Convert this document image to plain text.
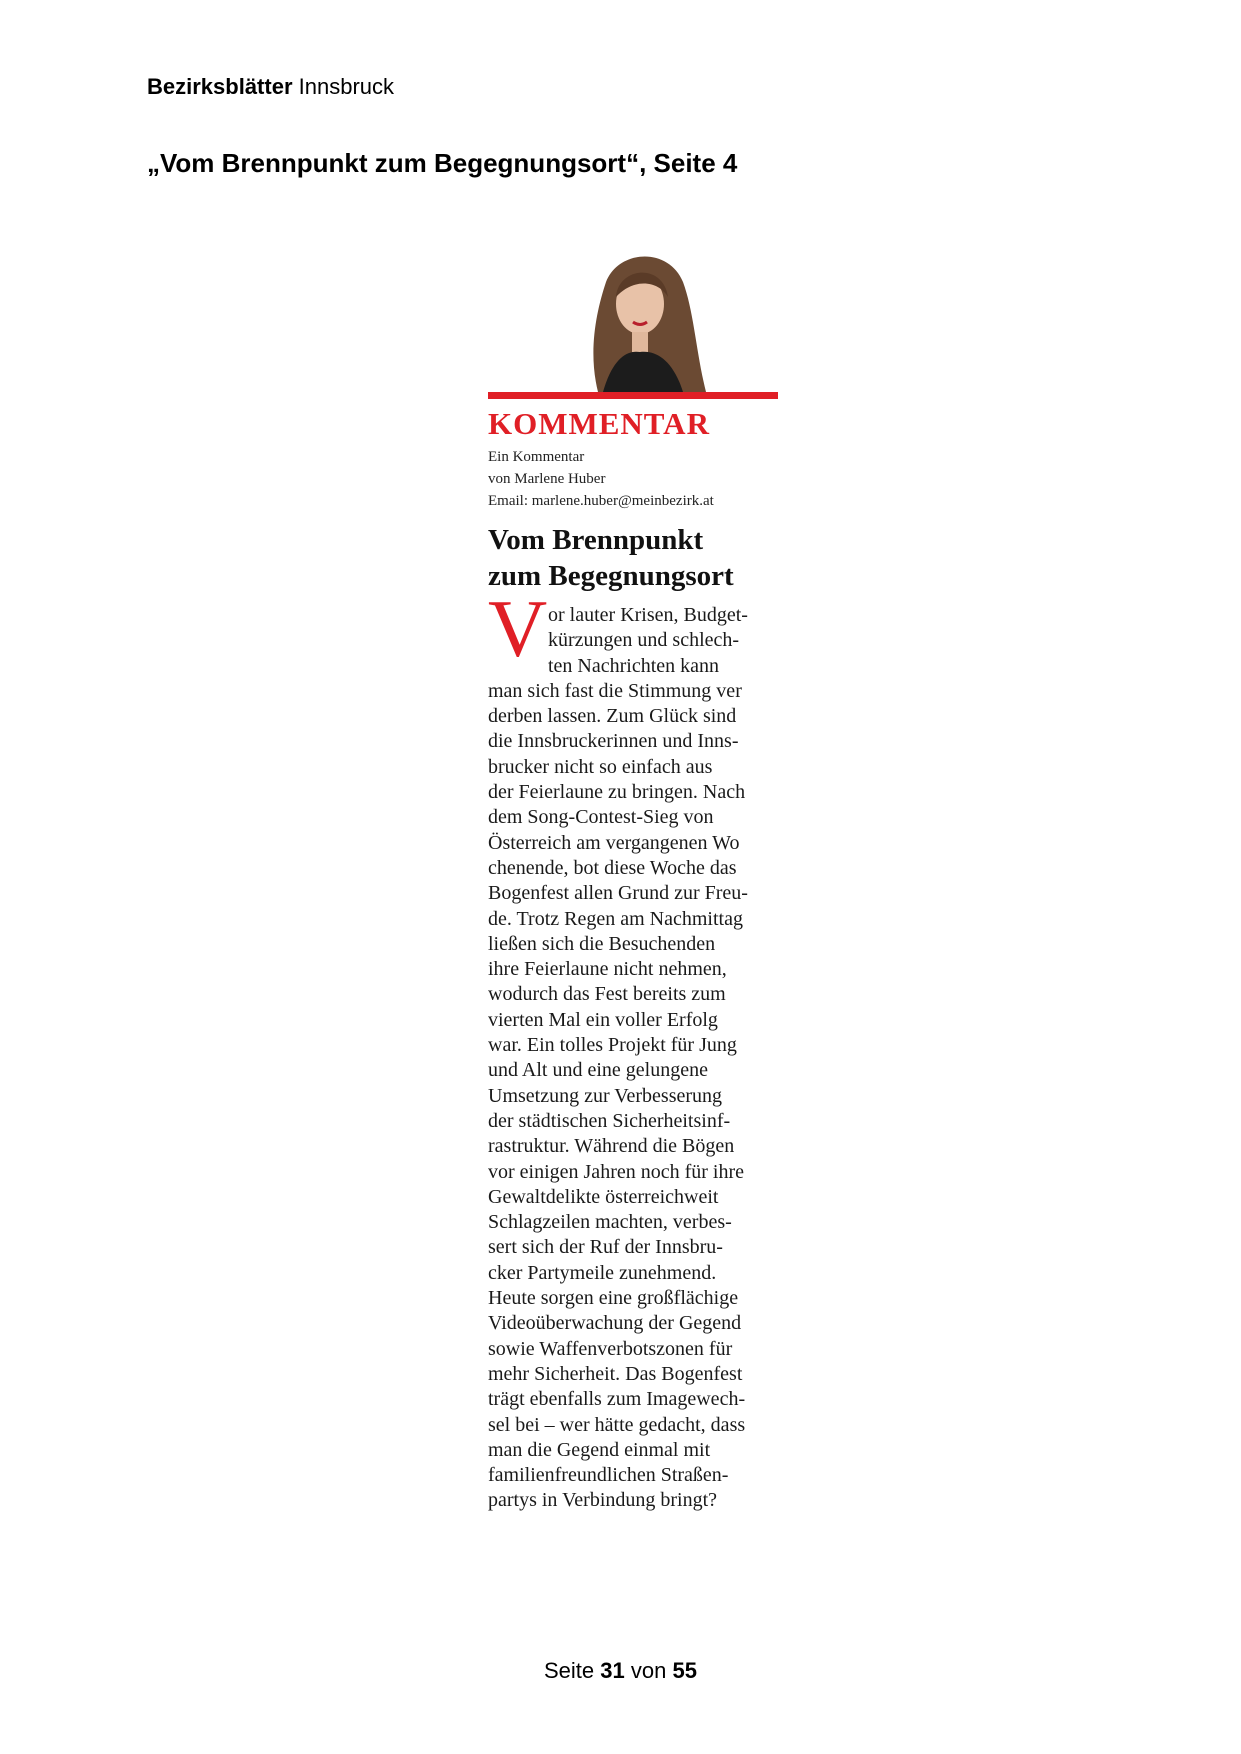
Bezirksblätter Innsbruck
„Vom Brennpunkt zum Begegnungsort“, Seite 4
KOMMENTAR
Ein Kommentar
von Marlene Huber
Email: marlene.huber@meinbezirk.at
Vom Brennpunkt
zum Begegnungsort
V or lauter Krisen, Budget-
kürzungen und schlech-
ten Nachrichten kann
man sich fast die Stimmung ver
derben lassen. Zum Glück sind
die Innsbruckerinnen und Inns-
brucker nicht so einfach aus
der Feierlaune zu bringen. Nach
dem Song-Contest-Sieg von
Österreich am vergangenen Wo
chenende, bot diese Woche das
Bogenfest allen Grund zur Freu-
de. Trotz Regen am Nachmittag
ließen sich die Besuchenden
ihre Feierlaune nicht nehmen,
wodurch das Fest bereits zum
vierten Mal ein voller Erfolg
war. Ein tolles Projekt für Jung
und Alt und eine gelungene
Umsetzung zur Verbesserung
der städtischen Sicherheitsinf-
rastruktur. Während die Bögen
vor einigen Jahren noch für ihre
Gewaltdelikte österreichweit
Schlagzeilen machten, verbes-
sert sich der Ruf der Innsbru-
cker Partymeile zunehmend.
Heute sorgen eine großflächige
Videoüberwachung der Gegend
sowie Waffenverbotszonen für
mehr Sicherheit. Das Bogenfest
trägt ebenfalls zum Imagewech-
sel bei – wer hätte gedacht, dass
man die Gegend einmal mit
familienfreundlichen Straßen-
partys in Verbindung bringt?
Seite 31 von 55
